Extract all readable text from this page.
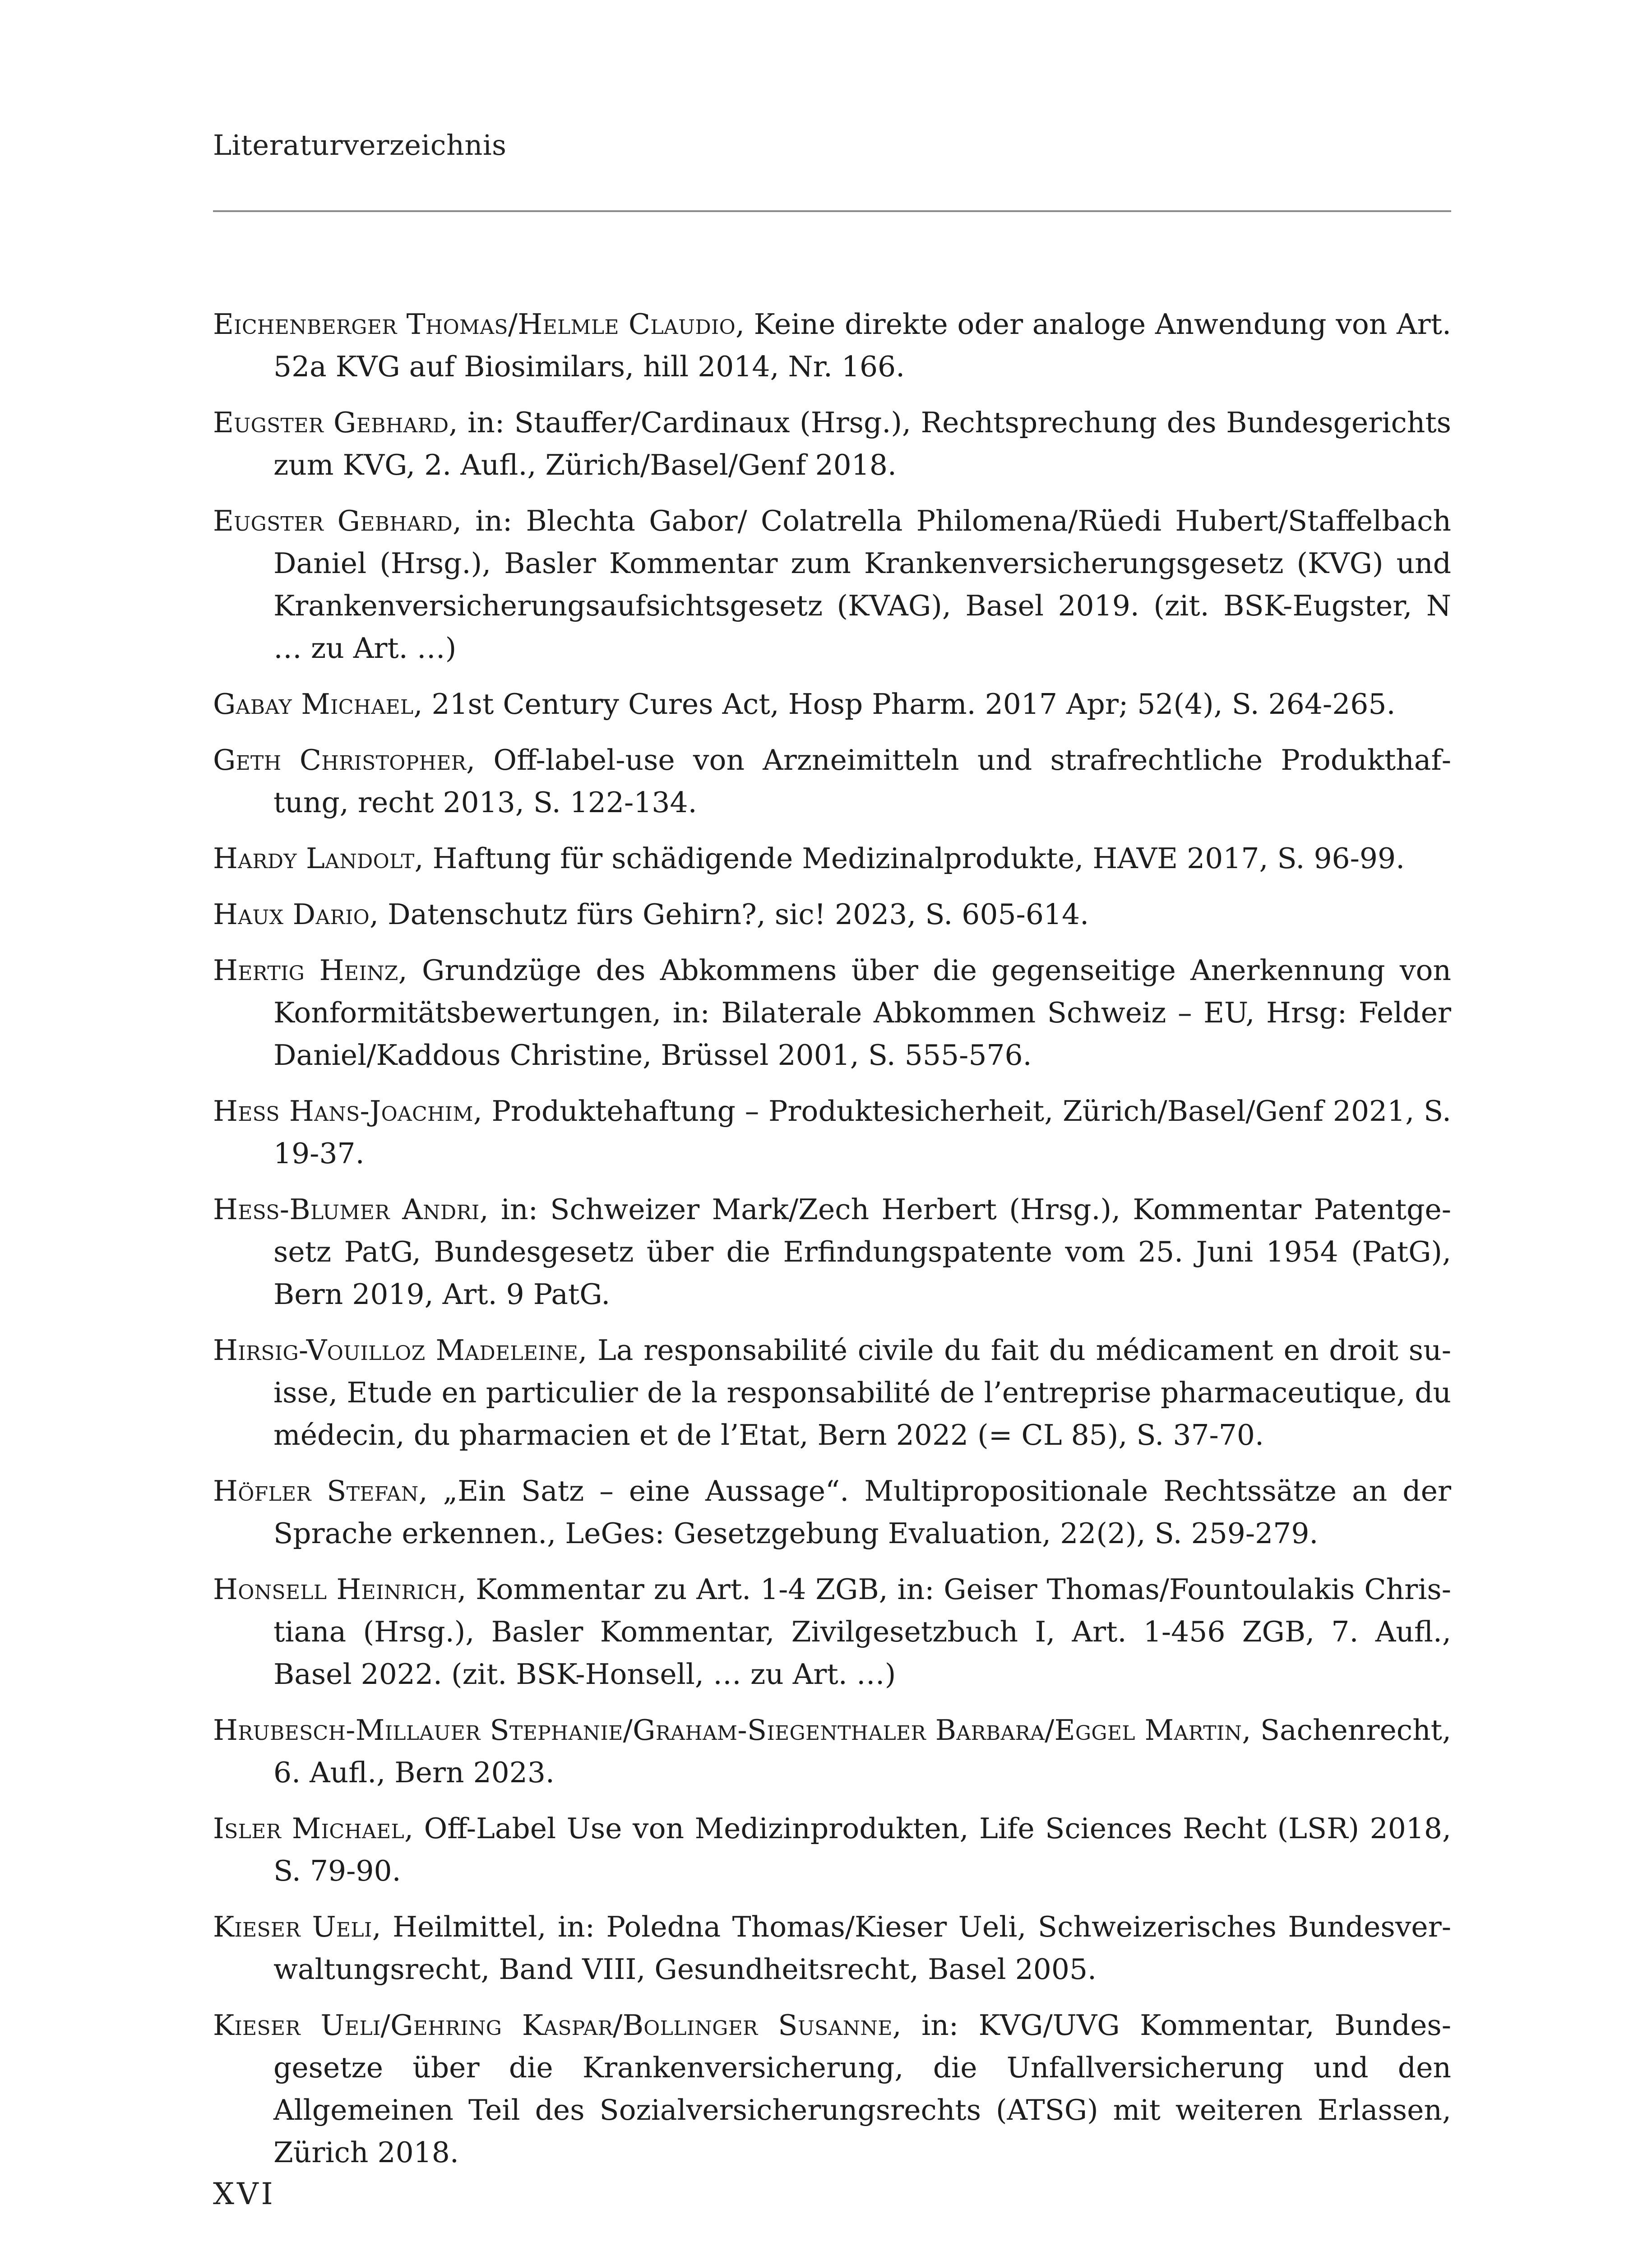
Literaturverzeichnis
Eichenberger Thomas/Helmle Claudio, Keine direkte oder analoge Anwendung von Art. 52a KVG auf Biosimilars, hill 2014, Nr. 166.
Eugster Gebhard, in: Stauffer/Cardinaux (Hrsg.), Rechtsprechung des Bundesgerichts zum KVG, 2. Aufl., Zürich/Basel/Genf 2018.
Eugster Gebhard, in: Blechta Gabor/ Colatrella Philomena/Rüedi Hubert/Staffelbach Daniel (Hrsg.), Basler Kommentar zum Krankenversicherungsgesetz (KVG) und Krankenversicherungsaufsichtsgesetz (KVAG), Basel 2019. (zit. BSK-Eugster, N … zu Art. …)
Gabay Michael, 21st Century Cures Act, Hosp Pharm. 2017 Apr; 52(4), S. 264-265.
Geth Christopher, Off-label-use von Arzneimitteln und strafrechtliche Produkthaftung, recht 2013, S. 122-134.
Hardy Landolt, Haftung für schädigende Medizinalprodukte, HAVE 2017, S. 96-99.
Haux Dario, Datenschutz fürs Gehirn?, sic! 2023, S. 605-614.
Hertig Heinz, Grundzüge des Abkommens über die gegenseitige Anerkennung von Konformitätsbewertungen, in: Bilaterale Abkommen Schweiz – EU, Hrsg: Felder Daniel/Kaddous Christine, Brüssel 2001, S. 555-576.
Hess Hans-Joachim, Produktehaftung – Produktesicherheit, Zürich/Basel/Genf 2021, S. 19-37.
Hess-Blumer Andri, in: Schweizer Mark/Zech Herbert (Hrsg.), Kommentar Patentgesetz PatG, Bundesgesetz über die Erfindungspatente vom 25. Juni 1954 (PatG), Bern 2019, Art. 9 PatG.
Hirsig-Vouilloz Madeleine, La responsabilité civile du fait du médicament en droit suisse, Etude en particulier de la responsabilité de l’entreprise pharmaceutique, du médecin, du pharmacien et de l’Etat, Bern 2022 (= CL 85), S. 37-70.
Höfler Stefan, „Ein Satz – eine Aussage“. Multipropositionale Rechtssätze an der Sprache erkennen., LeGes: Gesetzgebung Evaluation, 22(2), S. 259-279.
Honsell Heinrich, Kommentar zu Art. 1-4 ZGB, in: Geiser Thomas/Fountoulakis Christiana (Hrsg.), Basler Kommentar, Zivilgesetzbuch I, Art. 1-456 ZGB, 7. Aufl., Basel 2022. (zit. BSK-Honsell, … zu Art. …)
Hrubesch-Millauer Stephanie/Graham-Siegenthaler Barbara/Eggel Martin, Sachenrecht, 6. Aufl., Bern 2023.
Isler Michael, Off-Label Use von Medizinprodukten, Life Sciences Recht (LSR) 2018, S. 79-90.
Kieser Ueli, Heilmittel, in: Poledna Thomas/Kieser Ueli, Schweizerisches Bundesverwaltungsrecht, Band VIII, Gesundheitsrecht, Basel 2005.
Kieser Ueli/Gehring Kaspar/Bollinger Susanne, in: KVG/UVG Kommentar, Bundesgesetze über die Krankenversicherung, die Unfallversicherung und den Allgemeinen Teil des Sozialversicherungsrechts (ATSG) mit weiteren Erlassen, Zürich 2018.
XVI
